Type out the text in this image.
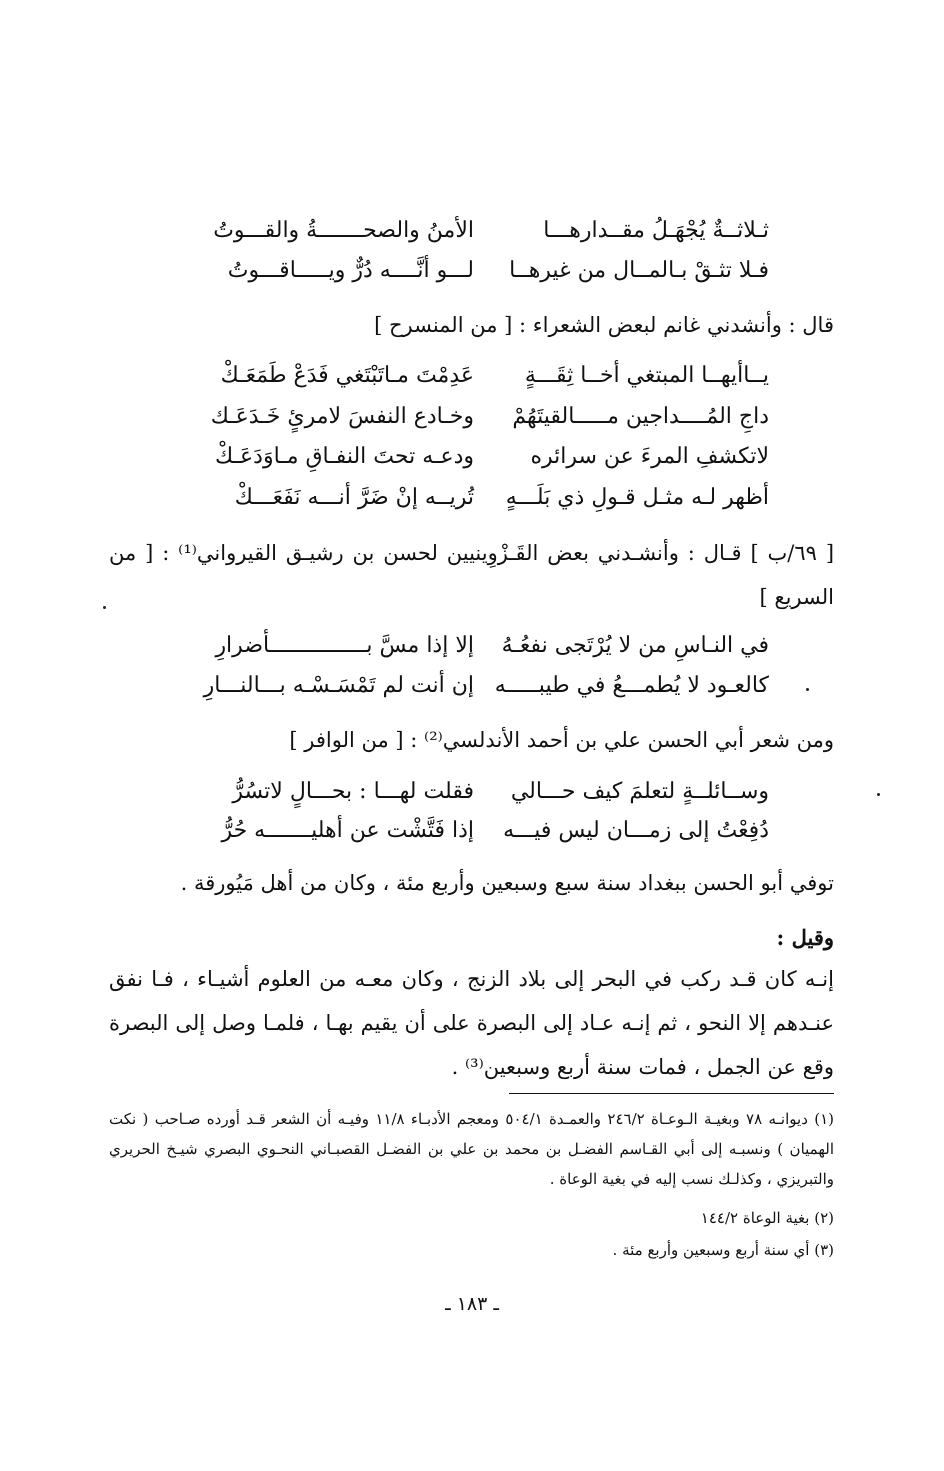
ثـلاثــةٌ يُجْهَـلُ مقــدارهـــا
الأمنُ والصحـــــــةُ والقـــوتُ
فـلا تثـقْ بـالمــال من غيرهــا
لـــو أنَّــــه دُرٌّ ويـــــاقـــوتُ
قال : وأنشدني غانم لبعض الشعراء : [ من المنسرح ]
يــاأيهــا المبتغي أخــا ثِقَـــةٍ
عَدِمْتَ مـاتَبْتَغي فَدَعْ طَمَعَـكْ
داجِ المُــــداجين مـــــالقيتَهُمْ
وخـادع النفسَ لامرئٍ خَـدَعَـك
لاتكشفِ المرءَ عن سرائره
ودعـه تحتَ النفـاقِ مـاوَدَعَـكْ
أظهر لـه مثـل قـولِ ذي بَلَـــهٍ
تُريــه إنْ ضَرَّ أنـــه نَفَعَـــكْ
[ ٦٩/ب ] قـال : وأنشـدني بعض القَـزْوِينيين لحسن بن رشيـق القيرواني⁽¹⁾ : [ من السريع ]
في النـاسِ من لا يُرْتَجى نفعُـهُ
إلا إذا مسَّ بـــــــــــــــأضرارِ
كالعـود لا يُطمـــعُ في طيبـــــه
إن أنت لم تَمْسَـسْـه بـــالنـــارِ
ومن شعر أبي الحسن علي بن أحمد الأندلسي⁽²⁾ : [ من الوافر ]
وســائلــةٍ لتعلمَ كيف حـــالي
فقلت لهـــا : بحـــالٍ لاتسُرُّ
دُفِعْتُ إلى زمـــان ليس فيـــه
إذا فَتَّشْت عن أهليـــــــه حُرُّ
توفي أبو الحسن ببغداد سنة سبع وسبعين وأربع مئة ، وكان من أهل مَيُورقة .
وقيل :
إنـه كان قـد ركب في البحر إلى بلاد الزنج ، وكان معـه من العلوم أشيـاء ، فـا نفق عنـدهم إلا النحو ، ثم إنـه عـاد إلى البصرة على أن يقيم بهـا ، فلمـا وصل إلى البصرة وقع عن الجمل ، فمات سنة أربع وسبعين⁽³⁾ .
(١) ديوانـه ٧٨ وبغيـة الـوعـاة ٢٤٦/٢ والعمـدة ٥٠٤/١ ومعجم الأدبـاء ١١/٨ وفيـه أن الشعر قـد أورده صـاحب ( نكت الهميان ) ونسبـه إلى أبي القـاسم الفضـل بن محمد بن علي بن الفضـل القصبـاني النحـوي البصري شيـخ الحريري والتبريزي ، وكذلـك نسب إليه في بغية الوعاة .
(٢) بغية الوعاة ١٤٤/٢
(٣) أي سنة أربع وسبعين وأربع مئة .
ـ ١٨٣ ـ
